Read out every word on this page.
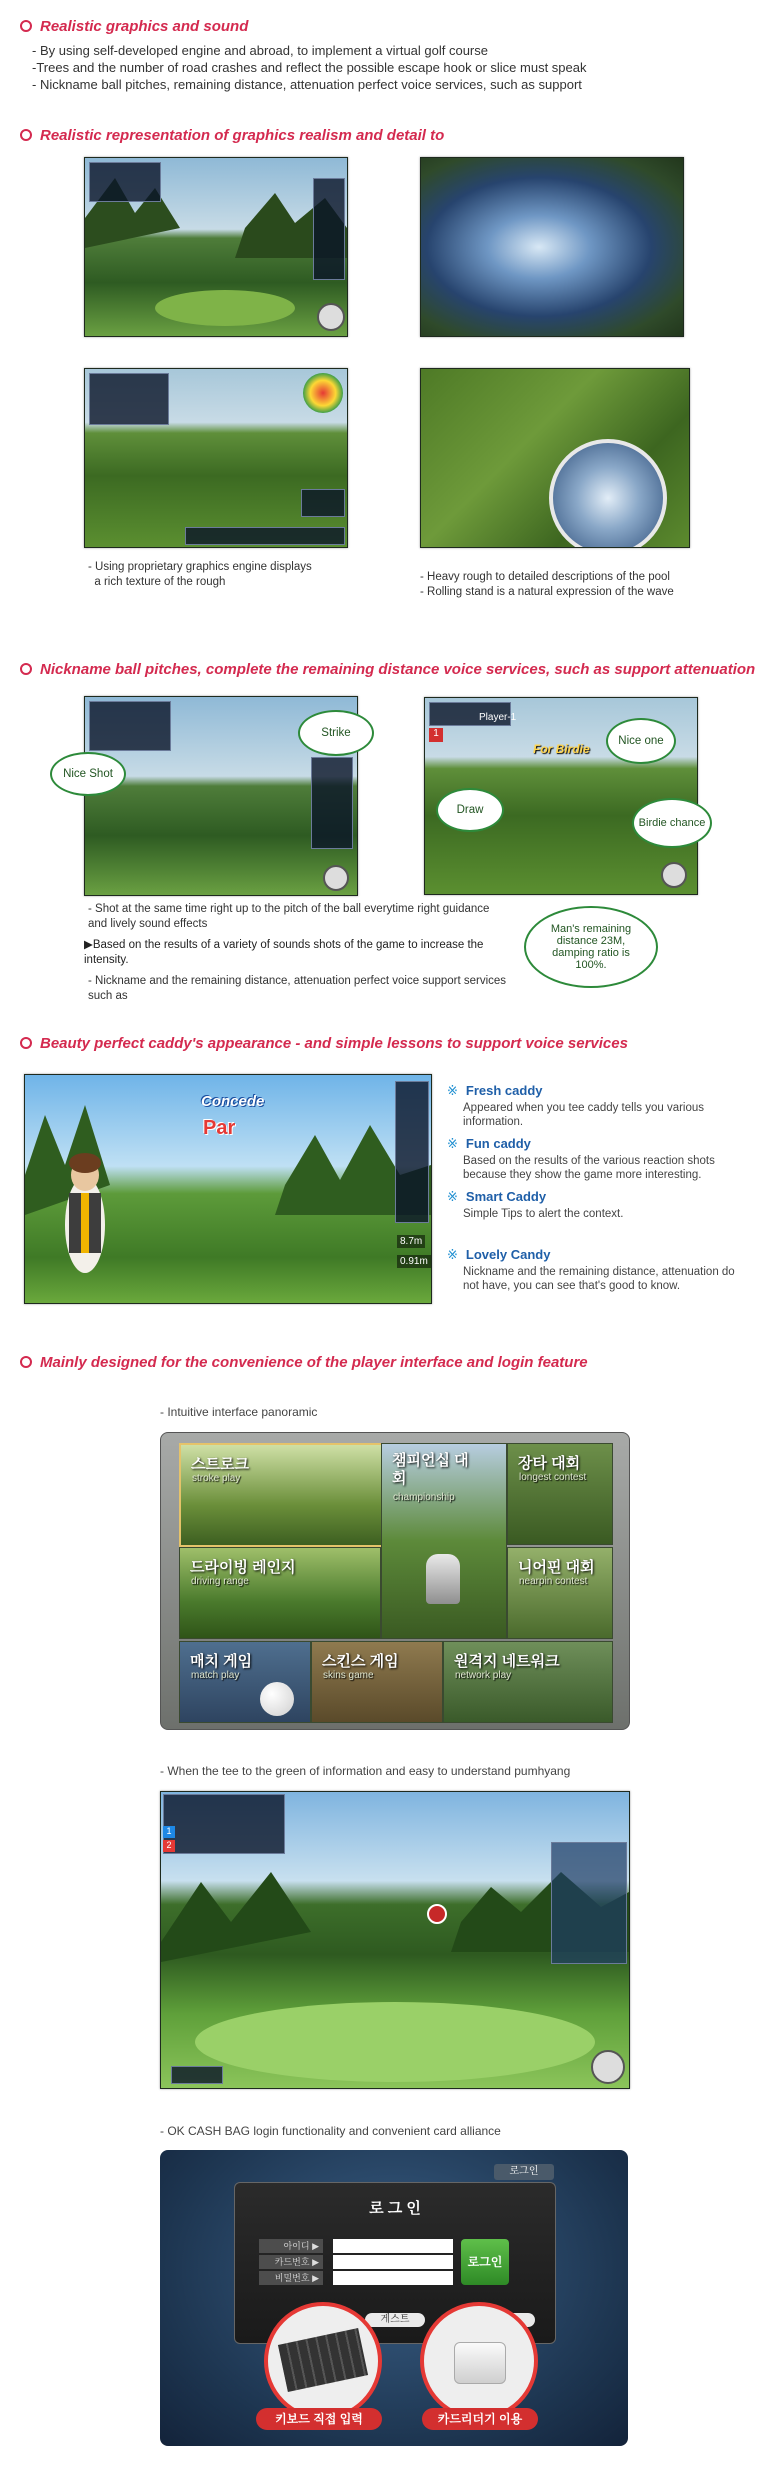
Realistic graphics and sound
- By using self-developed engine and abroad, to implement a virtual golf course
-Trees and the number of road crashes and reflect the possible escape hook or slice must speak
- Nickname ball pitches, remaining distance, attenuation perfect voice services, such as support
Realistic representation of graphics realism and detail to
- Using proprietary graphics engine displays
a rich texture of the rough	- Heavy rough to detailed descriptions of the pool
- Rolling stand is a natural expression of the wave
Nickname ball pitches, complete the remaining distance voice services, such as support attenuation
Nice Shot
Strike
Player-1
1
For Birdie
Nice one
Draw
Birdie chance
Man's remaining distance 23M, damping ratio is 100%.
- Shot at the same time right up to the pitch of the ball everytime right guidance and lively sound effects
▶Based on the results of a variety of sounds shots of the game to increase the intensity.
- Nickname and the remaining distance, attenuation perfect voice support services such as
Beauty perfect caddy's appearance - and simple lessons to support voice services
Concede
Par
8.7m
0.91m
※ Fresh caddy
Appeared when you tee caddy tells you various information.
※ Fun caddy
Based on the results of the various reaction shots because they show the game more interesting.
※ Smart Caddy
Simple Tips to alert the context.
※ Lovely Candy
Nickname and the remaining distance, attenuation do not have, you can see that's good to know.
Mainly designed for the convenience of the player interface and login feature
- Intuitive interface panoramic
스트로크
stroke play
챔피언십 대회
championship
장타 대회
longest contest
드라이빙 레인지
driving range
니어핀 대회
nearpin contest
매치 게임
match play
스킨스 게임
skins game
원격지 네트워크
network play
- When the tee to the green of information and easy to understand pumhyang
1
2
- OK CASH BAG login functionality and convenient card alliance
로그인
로 그 인
아이디 ▶
카드번호 ▶
비밀번호 ▶
로그인
게스트
키보드 직접 입력	카드리더기 이용
